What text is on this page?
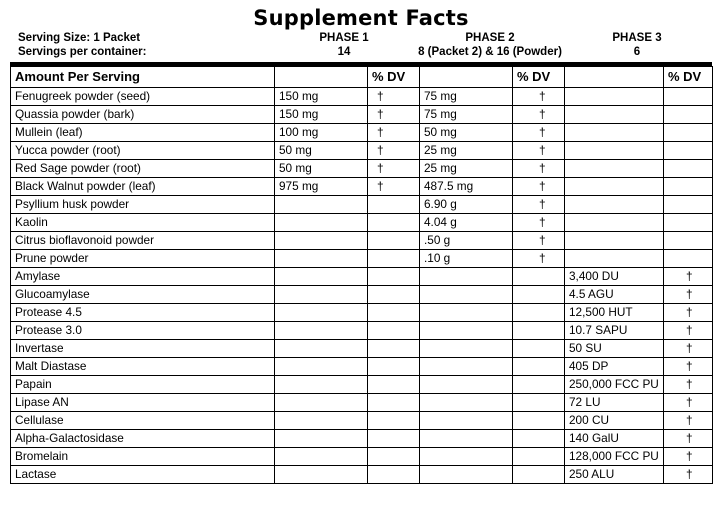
Supplement Facts
Serving Size: 1 Packet
Servings per container:
PHASE 1
14
PHASE 2
8 (Packet 2) & 16 (Powder)
PHASE 3
6
Amount Per Serving		% DV		% DV		% DV
Fenugreek powder (seed)	150 mg	†	75 mg	†		
Quassia powder (bark)	150 mg	†	75 mg	†		
Mullein (leaf)	100 mg	†	50 mg	†		
Yucca powder (root)	50 mg	†	25 mg	†		
Red Sage powder (root)	50 mg	†	25 mg	†		
Black Walnut powder (leaf)	975 mg	†	487.5 mg	†		
Psyllium husk powder			6.90 g	†		
Kaolin			4.04 g	†		
Citrus bioflavonoid powder			.50 g	†		
Prune powder			.10 g	†		
Amylase					3,400 DU	†
Glucoamylase					4.5 AGU	†
Protease 4.5					12,500 HUT	†
Protease 3.0					10.7 SAPU	†
Invertase					50 SU	†
Malt Diastase					405 DP	†
Papain					250,000 FCC PU	†
Lipase AN					72 LU	†
Cellulase					200 CU	†
Alpha-Galactosidase					140 GalU	†
Bromelain					128,000 FCC PU	†
Lactase					250 ALU	†
